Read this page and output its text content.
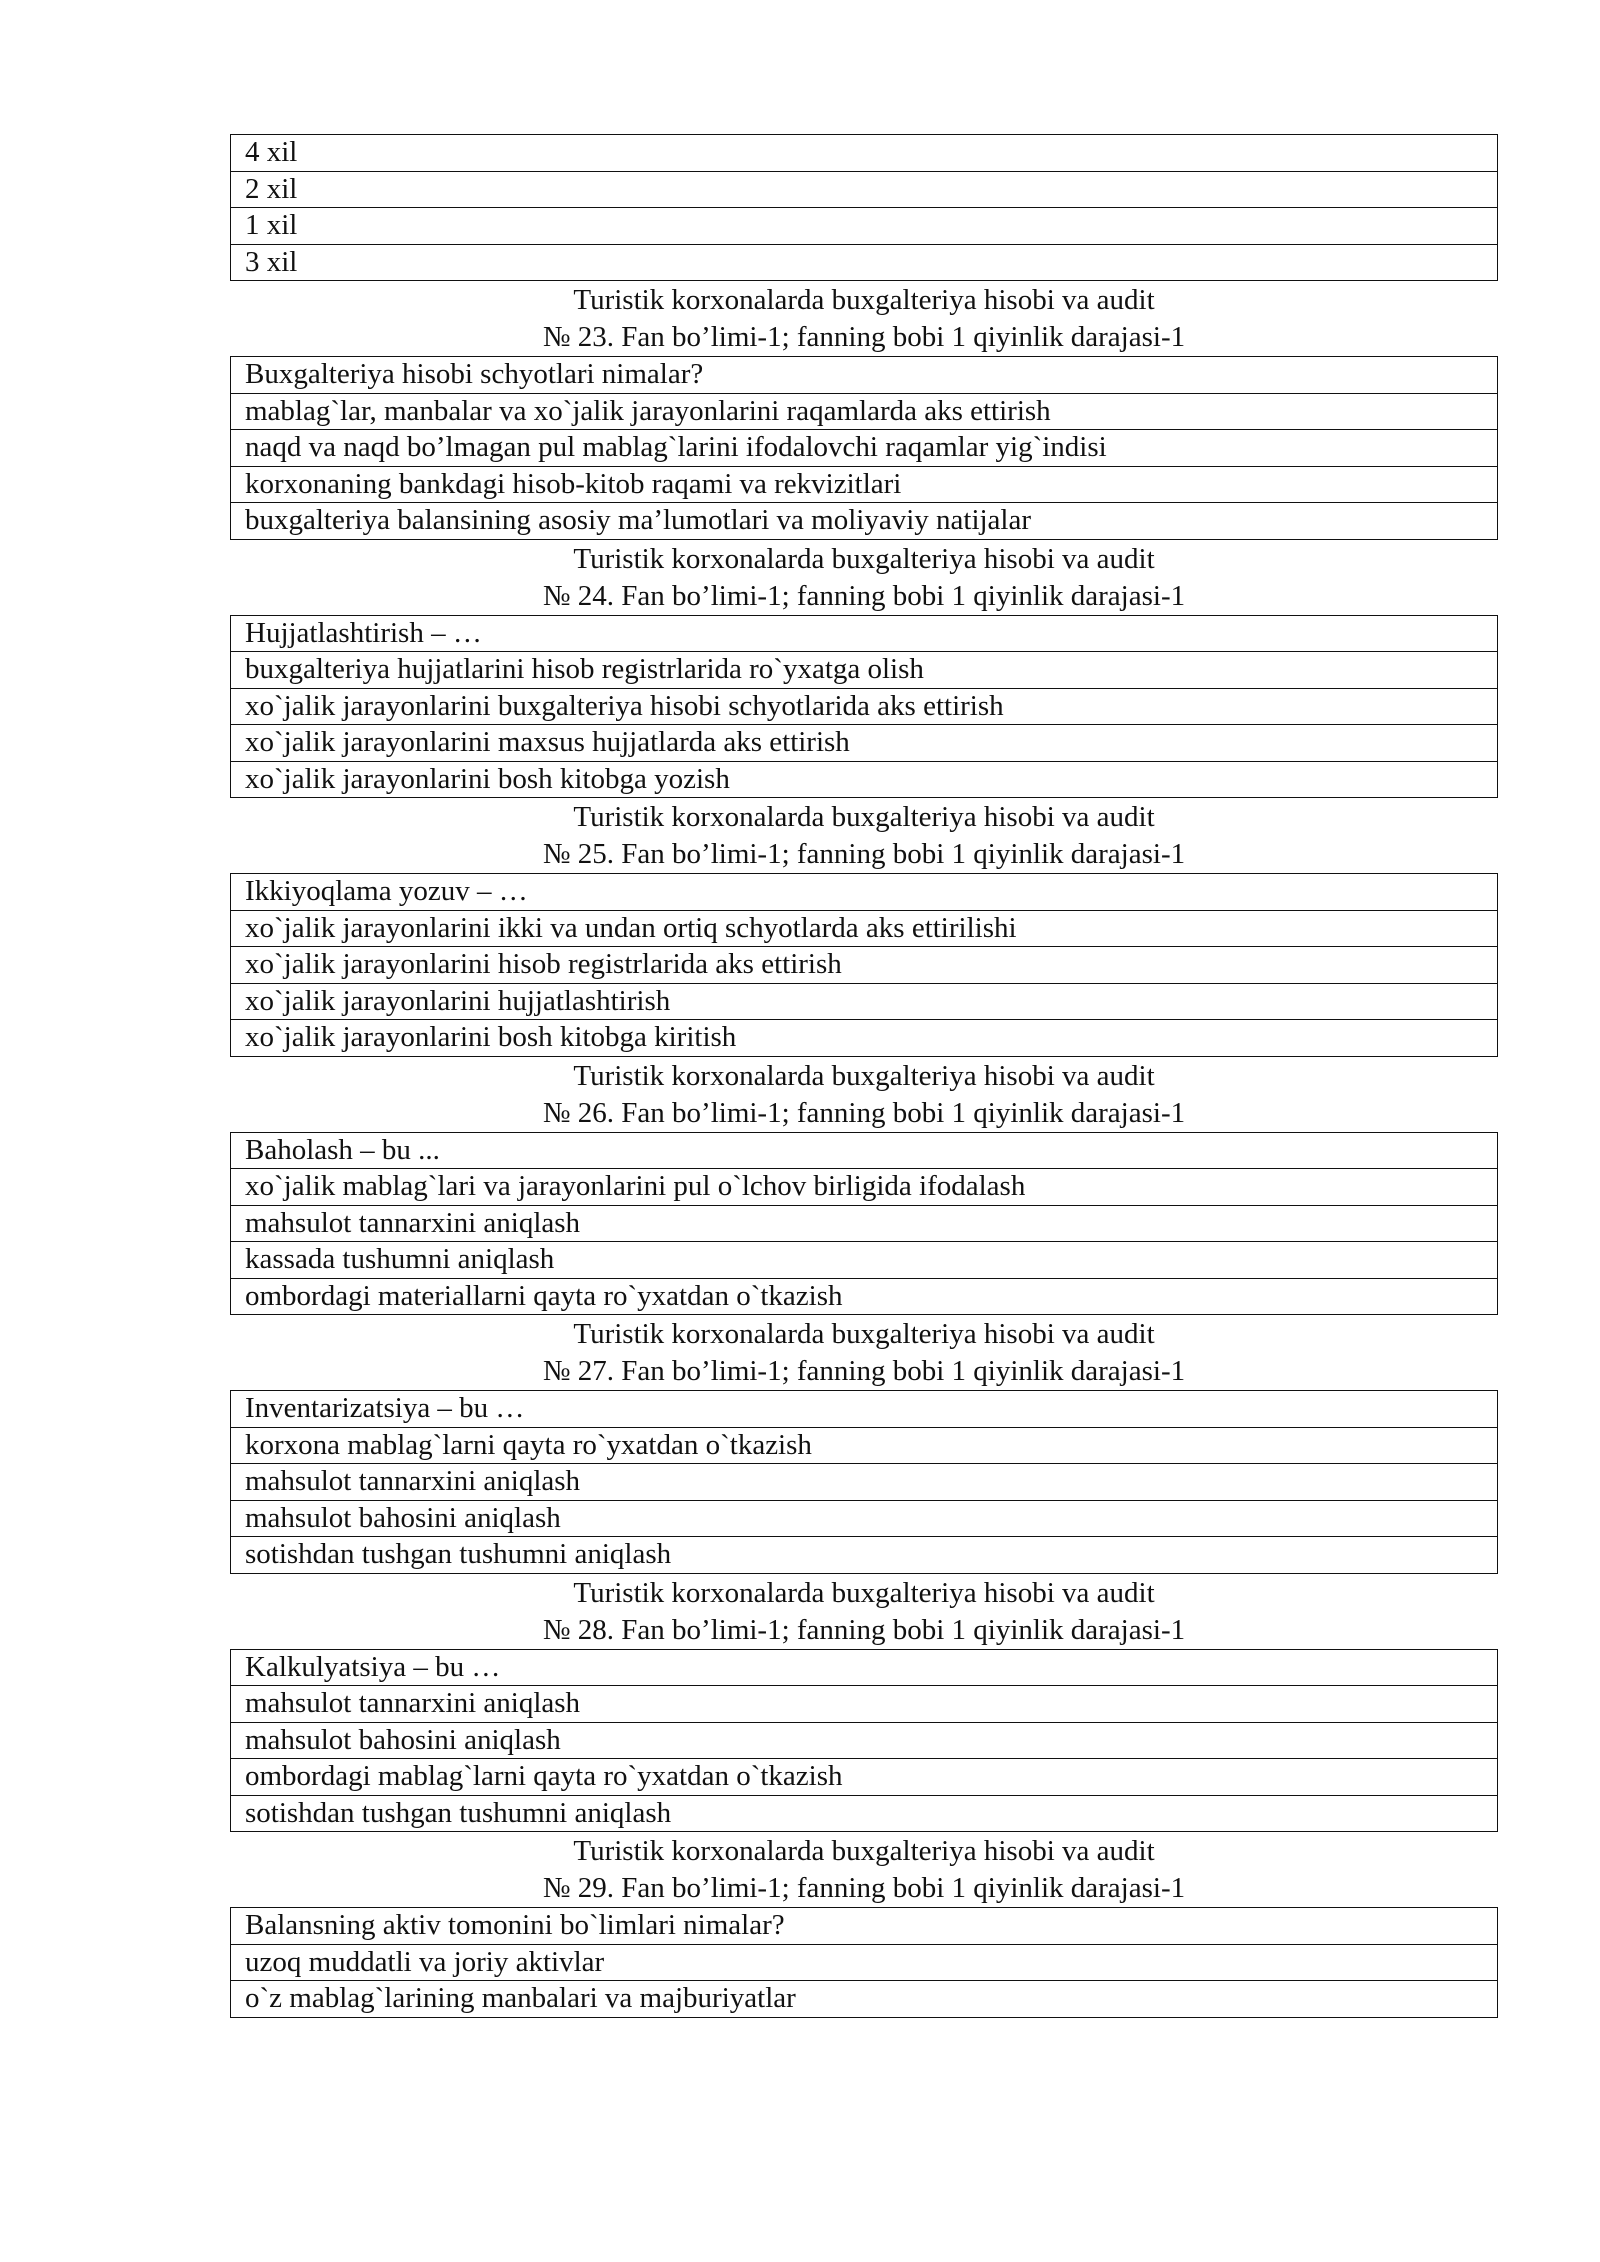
4 xil
2 xil
1 xil
3 xil
Turistik korxonalarda buxgalteriya hisobi va audit
№ 23. Fan bo’limi-1; fanning bobi 1 qiyinlik darajasi-1
Buxgalteriya hisobi schyotlari nimalar?
mablag`lar, manbalar va xo`jalik jarayonlarini raqamlarda aks ettirish
naqd va naqd bo’lmagan pul mablag`larini ifodalovchi raqamlar yig`indisi
korxonaning bankdagi hisob-kitob raqami va rekvizitlari
buxgalteriya balansining asosiy ma’lumotlari va moliyaviy natijalar
Turistik korxonalarda buxgalteriya hisobi va audit
№ 24. Fan bo’limi-1; fanning bobi 1 qiyinlik darajasi-1
Hujjatlashtirish – …
buxgalteriya hujjatlarini hisob registrlarida ro`yxatga olish
xo`jalik jarayonlarini buxgalteriya hisobi schyotlarida aks ettirish
xo`jalik jarayonlarini maxsus hujjatlarda aks ettirish
xo`jalik jarayonlarini bosh kitobga yozish
Turistik korxonalarda buxgalteriya hisobi va audit
№ 25. Fan bo’limi-1; fanning bobi 1 qiyinlik darajasi-1
Ikkiyoqlama yozuv – …
xo`jalik jarayonlarini ikki va undan ortiq schyotlarda aks ettirilishi
xo`jalik jarayonlarini hisob registrlarida aks ettirish
xo`jalik jarayonlarini hujjatlashtirish
xo`jalik jarayonlarini bosh kitobga kiritish
Turistik korxonalarda buxgalteriya hisobi va audit
№ 26. Fan bo’limi-1; fanning bobi 1 qiyinlik darajasi-1
Baholash – bu ...
xo`jalik mablag`lari va jarayonlarini pul o`lchov birligida ifodalash
mahsulot tannarxini aniqlash
kassada tushumni aniqlash
ombordagi materiallarni qayta ro`yxatdan o`tkazish
Turistik korxonalarda buxgalteriya hisobi va audit
№ 27. Fan bo’limi-1; fanning bobi 1 qiyinlik darajasi-1
Inventarizatsiya – bu …
korxona mablag`larni qayta ro`yxatdan o`tkazish
mahsulot tannarxini aniqlash
mahsulot bahosini aniqlash
sotishdan tushgan tushumni aniqlash
Turistik korxonalarda buxgalteriya hisobi va audit
№ 28. Fan bo’limi-1; fanning bobi 1 qiyinlik darajasi-1
Kalkulyatsiya – bu …
mahsulot tannarxini aniqlash
mahsulot bahosini aniqlash
ombordagi mablag`larni qayta ro`yxatdan o`tkazish
sotishdan tushgan tushumni aniqlash
Turistik korxonalarda buxgalteriya hisobi va audit
№ 29. Fan bo’limi-1; fanning bobi 1 qiyinlik darajasi-1
Balansning aktiv tomonini bo`limlari nimalar?
uzoq muddatli va joriy aktivlar
o`z mablag`larining manbalari va majburiyatlar
